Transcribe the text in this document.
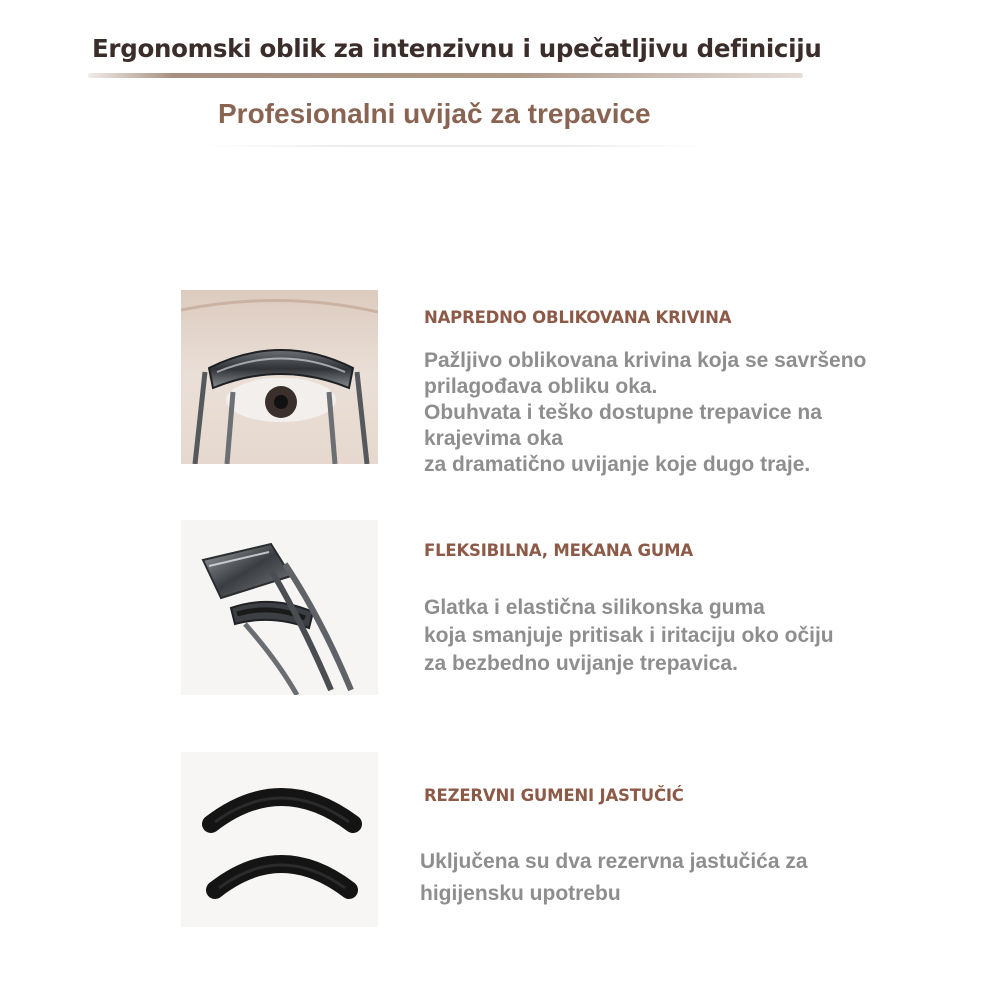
Ergonomski oblik za intenzivnu i upečatljivu definiciju
Profesionalni uvijač za trepavice
NAPREDNO OBLIKOVANA KRIVINA
Pažljivo oblikovana krivina koja se savršeno
prilagođava obliku oka.
Obuhvata i teško dostupne trepavice na
krajevima oka
za dramatično uvijanje koje dugo traje.
FLEKSIBILNA, MEKANA GUMA
Glatka i elastična silikonska guma
koja smanjuje pritisak i iritaciju oko očiju
za bezbedno uvijanje trepavica.
REZERVNI GUMENI JASTUČIĆ
Uključena su dva rezervna jastučića za
higijensku upotrebu
